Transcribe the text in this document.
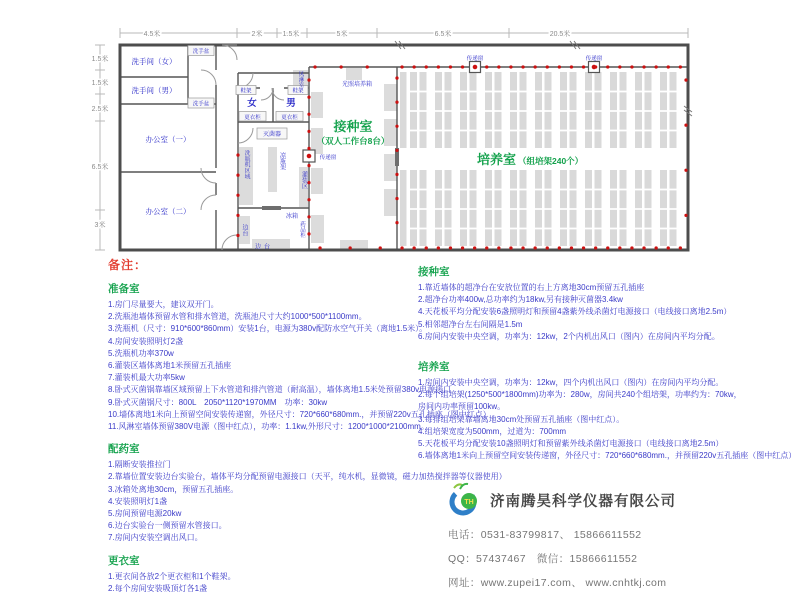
4.5米	2米	1.5米	5米	6.5米	20.5米
1.5米
1.5米
2.5米
6.5米
3米
洗手间（女）
洗手间（男）
办公室（一）
办公室（二）
洗手盆
洗手盆
鞋架	鞋架
女	男
更衣柜	更衣柜
灭菌器
传递窗
传递窗	传递窗
冰箱
边台
光照培养箱
接种室
（双人工作台8台）
培养室 （组培架240个）
洗瓶机区域	凉瓶架
灌装区
风淋室
边台	药品柜
备注：
准备室
1.房门尽量要大，建议双开门。
2.洗瓶池墙体预留水管和排水管道，洗瓶池尺寸大约1000*500*1100mm。
3.洗瓶机（尺寸：910*600*860mm）安装1台，电源为380v配防水空气开关（离地1.5米）。
4.房间安装照明灯2盏
5.洗瓶机功率370w
6.灌装区墙体离地1米预留五孔插座
7.灌装机最大功率5kw
8.卧式灭菌锅靠墙区域预留上下水管道和排汽管道（耐高温），墙体离地1.5米处预留380v电源接口
9.卧式灭菌锅尺寸：800L　2050*1120*1970MM　功率：30kw
10.墙体离地1米向上预留空间安装传递窗，外径尺寸：720*660*680mm.，并预留220v五孔插座（图中红点）
11.风淋室墙体预留380V电源（图中红点），功率：1.1kw,外形尺寸：1200*1000*2100mm。
配药室
1.隔断安装推拉门
2.靠墙位置安装边台实验台，墙体平均分配预留电源接口（天平，纯水机，显微镜，磁力加热搅拌器等仪器使用）
3.冰箱处离地30cm，预留五孔插座。
4.安装照明灯1盏
5.房间预留电源20kw
6.边台实验台一侧预留水管接口。
7.房间内安装空调出风口。
更衣室
1.更衣间各放2个更衣柜和1个鞋架。
2.每个房间安装吸顶灯各1盏
接种室
1.靠近墙体的超净台在安放位置的右上方离地30cm预留五孔插座
2.超净台功率400w,总功率约为18kw,另有接种灭菌器3.4kw
4.天花板平均分配安装6盏照明灯和预留4盏紫外线杀菌灯电源接口（电线接口离地2.5m）
5.相邻超净台左右间隔是1.5m
6.房间内安装中央空调，功率为：12kw，2个内机出风口（图内）在房间内平均分配。
培养室
1.房间内安装中央空调，功率为：12kw，四个内机出风口（图内）在房间内平均分配。
2.每个组培架(1250*500*1800mm)功率为：280w，房间共240个组培架，功率约为：70kw，
房间内功率预留100kw。
3.每排组培架靠墙离地30cm处预留五孔插座（图中红点）。
4.组培架宽度为500mm，过道为：700mm
5.天花板平均分配安装10盏照明灯和预留紫外线杀菌灯电源接口（电线接口离地2.5m）
6.墙体离地1米向上预留空间安装传递窗，外径尺寸：720*660*680mm.，并预留220v五孔插座（图中红点）
TH 济南腾昊科学仪器有限公司
电话：0531-83799817、 15866611552
QQ：57437467　微信：15866611552
网址：www.zupei17.com、 www.cnhtkj.com
